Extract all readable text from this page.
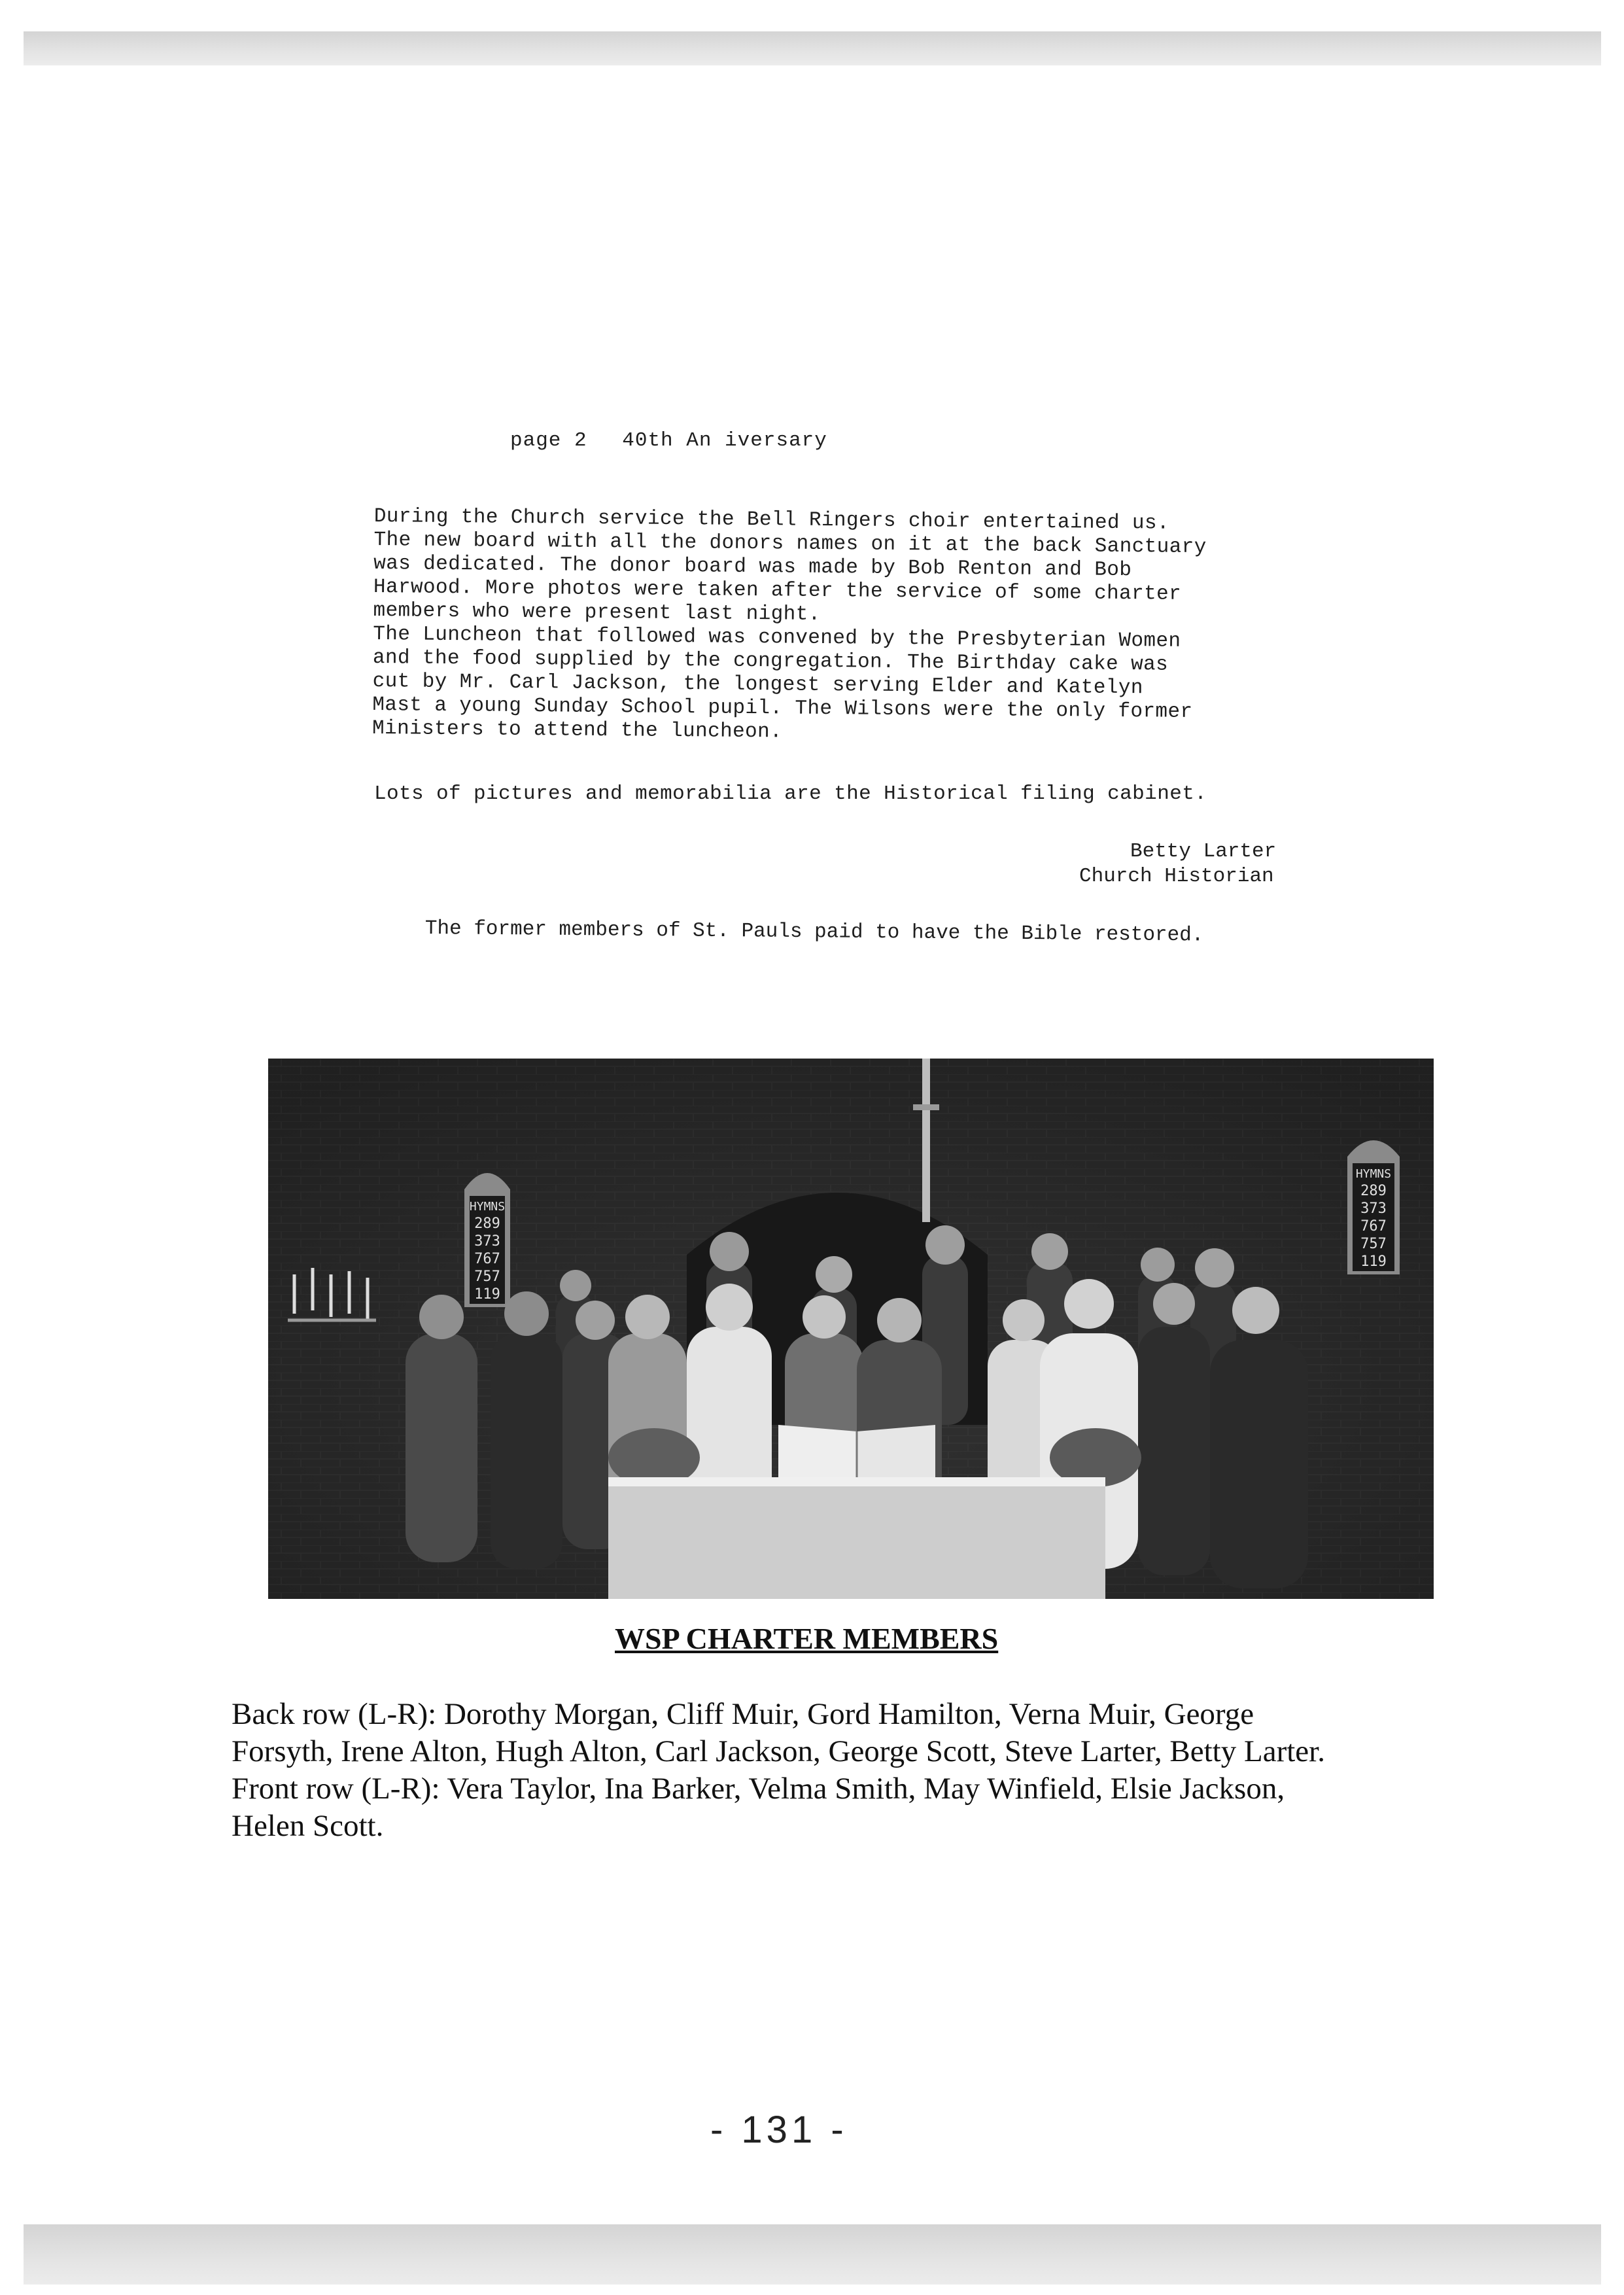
page 2 40th An iversary
During the Church service the Bell Ringers choir entertained us.
The new board with all the donors names on it at the back Sanctuary
was dedicated. The donor board was made by Bob Renton and Bob
Harwood. More photos were taken after the service of some charter
members who were present last night.
The Luncheon that followed was convened by the Presbyterian Women
and the food supplied by the congregation. The Birthday cake was
cut by Mr. Carl Jackson, the longest serving Elder and Katelyn
Mast a young Sunday School pupil. The Wilsons were the only former
Ministers to attend the luncheon.
Lots of pictures and memorabilia are the Historical filing cabinet.
Betty Larter
Church Historian
The former members of St. Pauls paid to have the Bible restored.
HYMNS
289
373
767
757
119
HYMNS
289
373
767
757
119
WSP CHARTER MEMBERS
Back row (L-R): Dorothy Morgan, Cliff Muir, Gord Hamilton, Verna Muir, George
Forsyth, Irene Alton, Hugh Alton, Carl Jackson, George Scott, Steve Larter, Betty Larter.
Front row (L-R): Vera Taylor, Ina Barker, Velma Smith, May Winfield, Elsie Jackson,
Helen Scott.
- 131 -
